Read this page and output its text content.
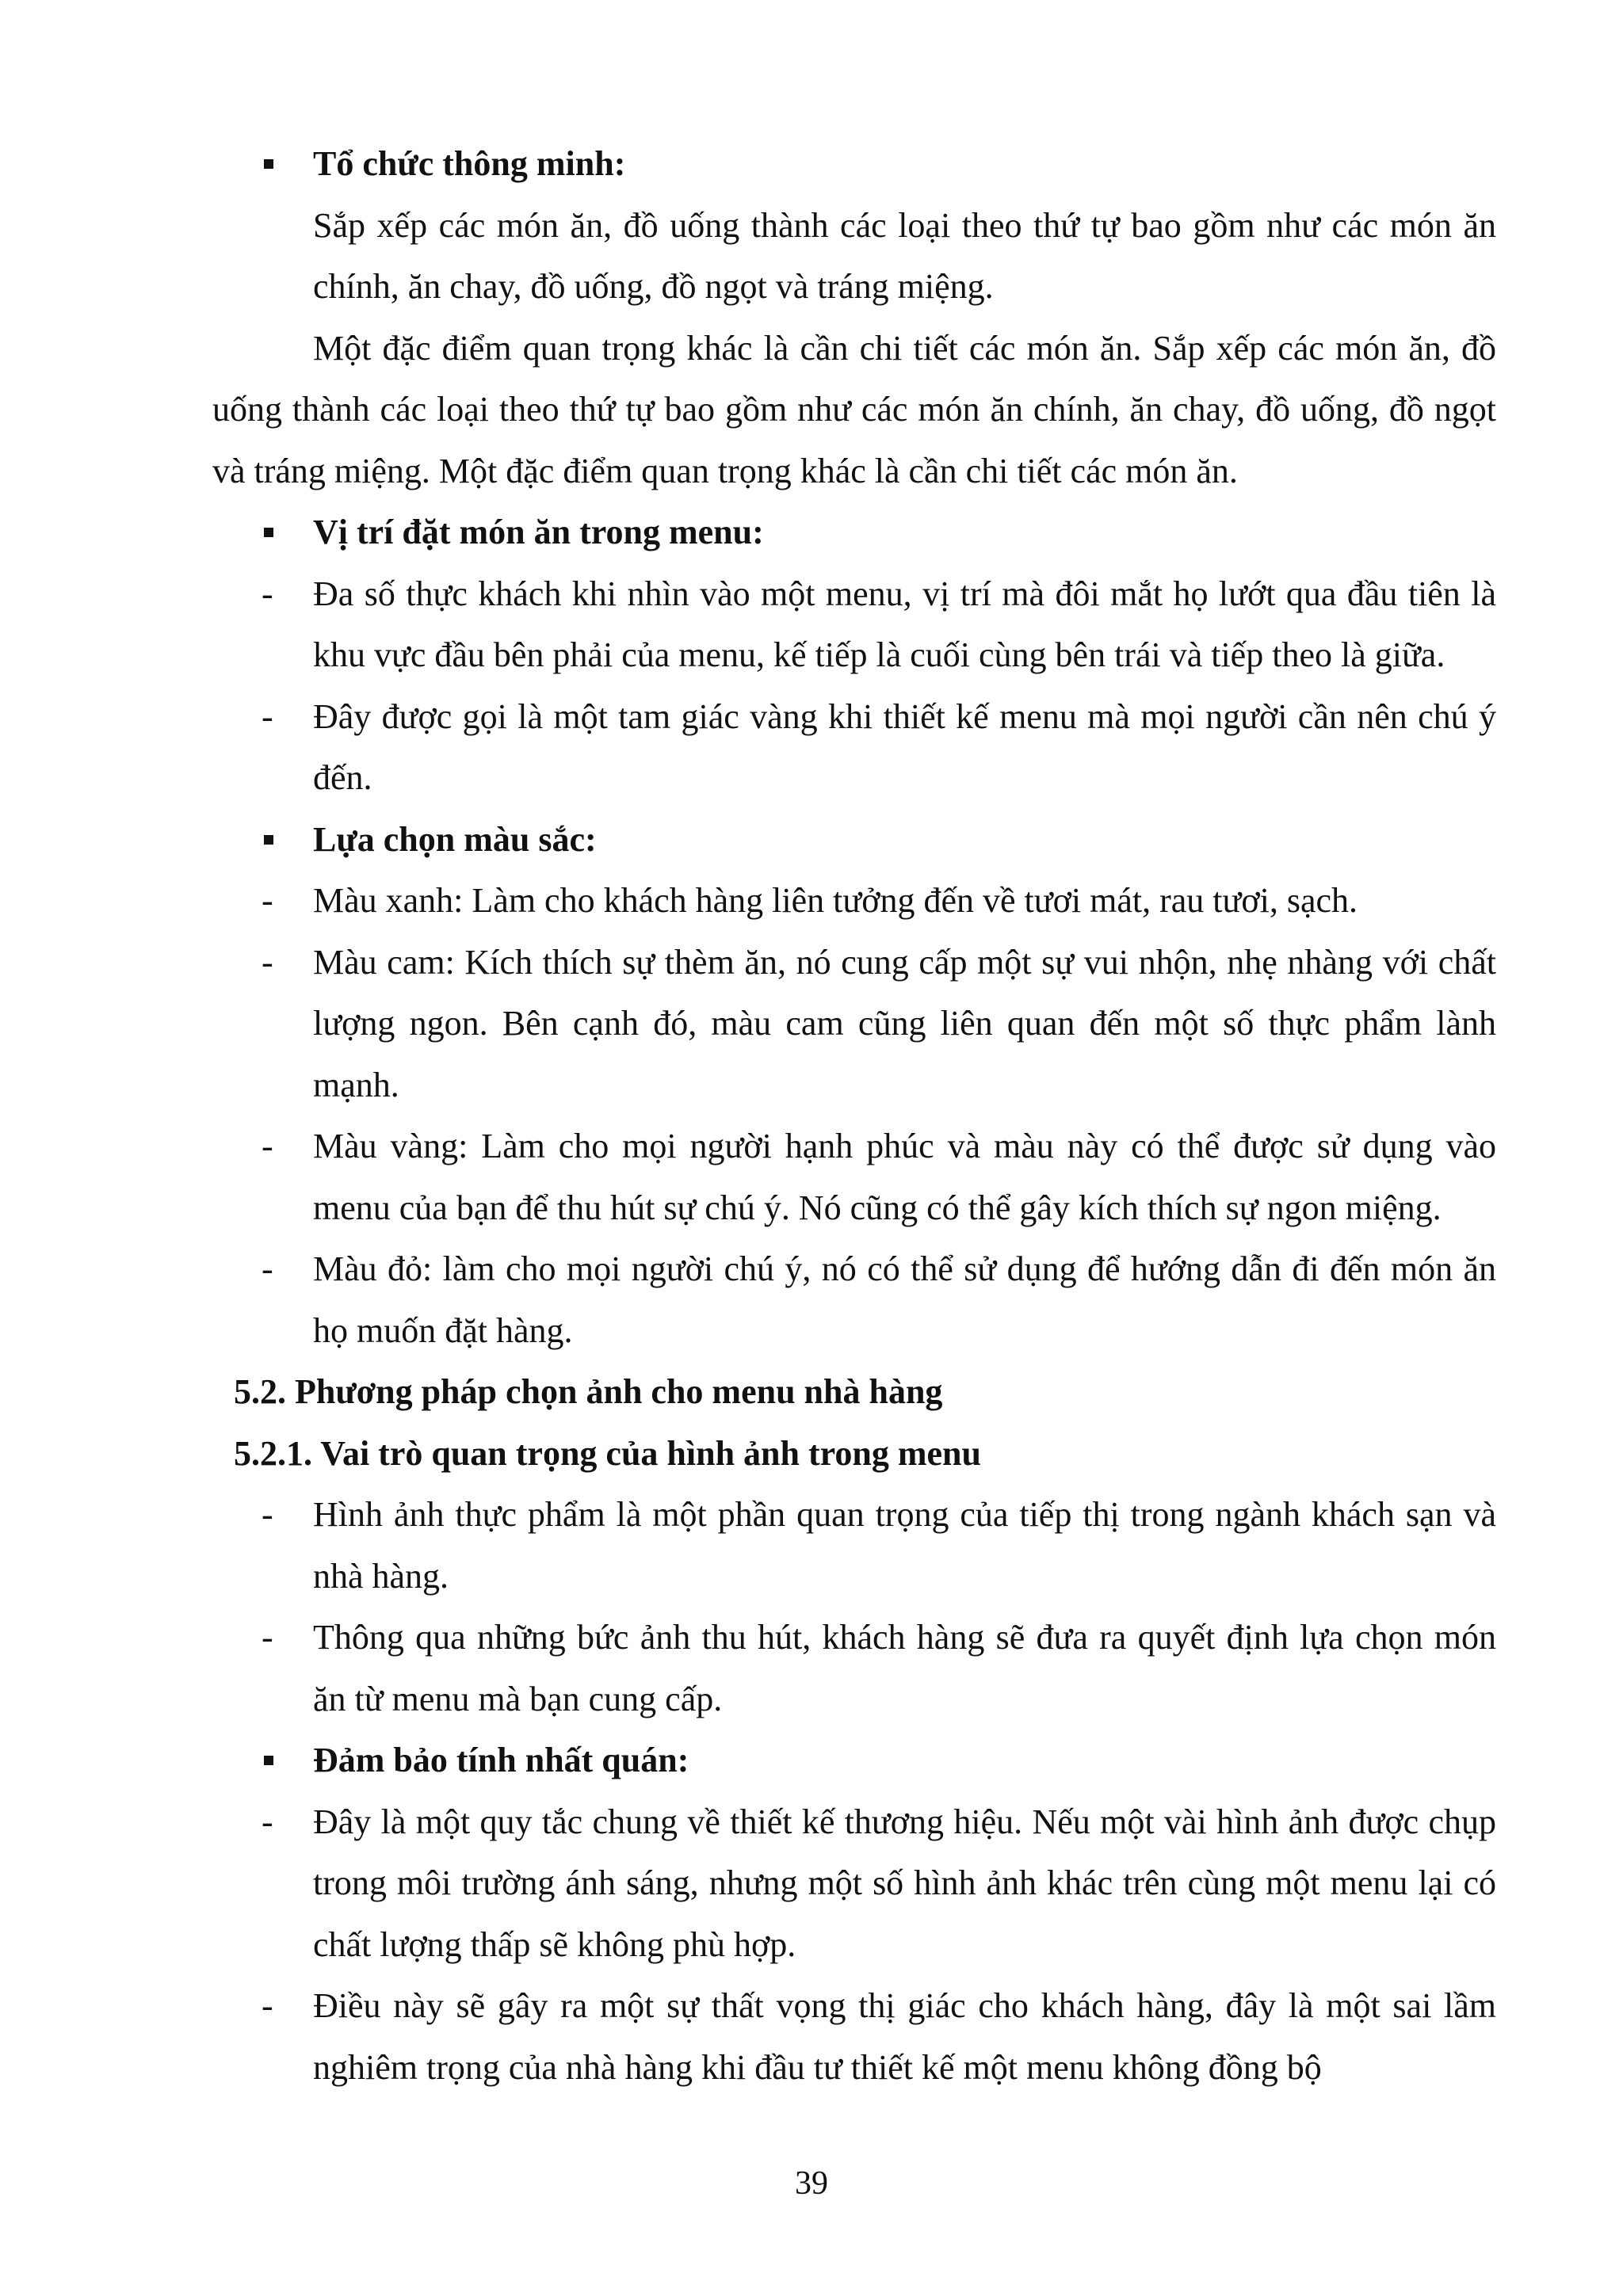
Tổ chức thông minh:
Sắp xếp các món ăn, đồ uống thành các loại theo thứ tự bao gồm như các món ăn chính, ăn chay, đồ uống, đồ ngọt và tráng miệng.
Một đặc điểm quan trọng khác là cần chi tiết các món ăn. Sắp xếp các món ăn, đồ uống thành các loại theo thứ tự bao gồm như các món ăn chính, ăn chay, đồ uống, đồ ngọt và tráng miệng. Một đặc điểm quan trọng khác là cần chi tiết các món ăn.
Vị trí đặt món ăn trong menu:
- Đa số thực khách khi nhìn vào một menu, vị trí mà đôi mắt họ lướt qua đầu tiên là khu vực đầu bên phải của menu, kế tiếp là cuối cùng bên trái và tiếp theo là giữa.
- Đây được gọi là một tam giác vàng khi thiết kế menu mà mọi người cần nên chú ý đến.
Lựa chọn màu sắc:
- Màu xanh: Làm cho khách hàng liên tưởng đến về tươi mát, rau tươi, sạch.
- Màu cam: Kích thích sự thèm ăn, nó cung cấp một sự vui nhộn, nhẹ nhàng với chất lượng ngon. Bên cạnh đó, màu cam cũng liên quan đến một số thực phẩm lành mạnh.
- Màu vàng: Làm cho mọi người hạnh phúc và màu này có thể được sử dụng vào menu của bạn để thu hút sự chú ý. Nó cũng có thể gây kích thích sự ngon miệng.
- Màu đỏ: làm cho mọi người chú ý, nó có thể sử dụng để hướng dẫn đi đến món ăn họ muốn đặt hàng.
5.2. Phương pháp chọn ảnh cho menu nhà hàng
5.2.1. Vai trò quan trọng của hình ảnh trong menu
- Hình ảnh thực phẩm là một phần quan trọng của tiếp thị trong ngành khách sạn và nhà hàng.
- Thông qua những bức ảnh thu hút, khách hàng sẽ đưa ra quyết định lựa chọn món ăn từ menu mà bạn cung cấp.
Đảm bảo tính nhất quán:
- Đây là một quy tắc chung về thiết kế thương hiệu. Nếu một vài hình ảnh được chụp trong môi trường ánh sáng, nhưng một số hình ảnh khác trên cùng một menu lại có chất lượng thấp sẽ không phù hợp.
- Điều này sẽ gây ra một sự thất vọng thị giác cho khách hàng, đây là một sai lầm nghiêm trọng của nhà hàng khi đầu tư thiết kế một menu không đồng bộ
39
